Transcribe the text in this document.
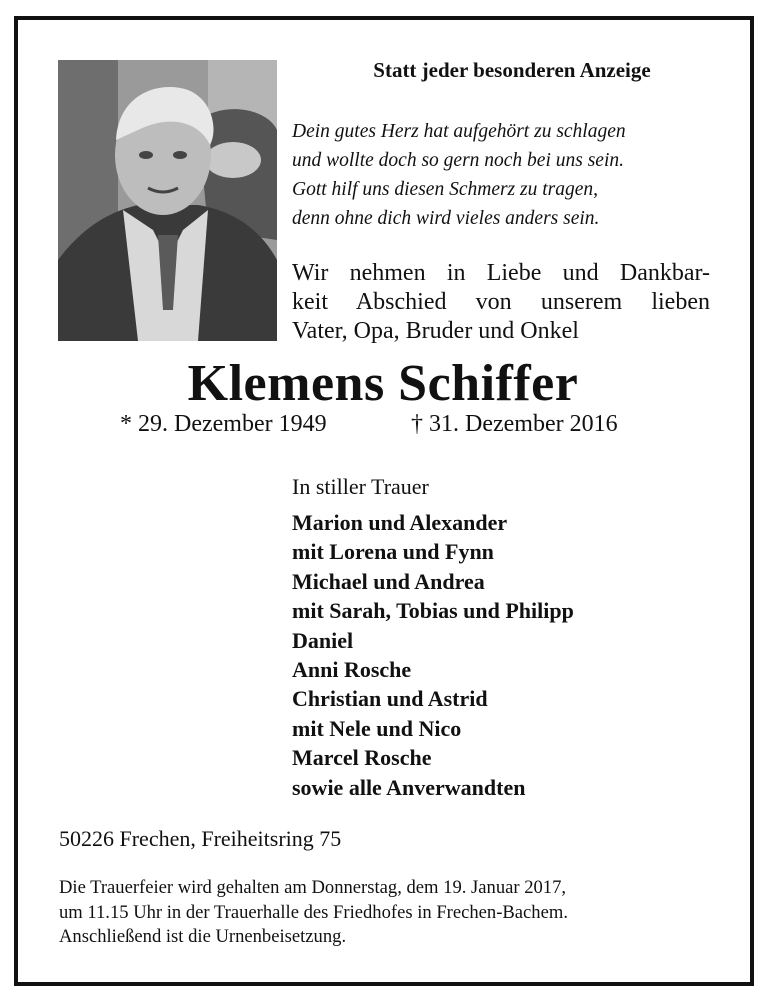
Statt jeder besonderen Anzeige
Dein gutes Herz hat aufgehört zu schlagen
und wollte doch so gern noch bei uns sein.
Gott hilf uns diesen Schmerz zu tragen,
denn ohne dich wird vieles anders sein.
Wir nehmen in Liebe und Dankbar-
keit Abschied von unserem lieben
Vater, Opa, Bruder und Onkel
Klemens Schiffer
* 29. Dezember 1949	† 31. Dezember 2016
In stiller Trauer
Marion und Alexander
mit Lorena und Fynn
Michael und Andrea
mit Sarah, Tobias und Philipp
Daniel
Anni Rosche
Christian und Astrid
mit Nele und Nico
Marcel Rosche
sowie alle Anverwandten
50226 Frechen, Freiheitsring 75
Die Trauerfeier wird gehalten am Donnerstag, dem 19. Januar 2017,
um 11.15 Uhr in der Trauerhalle des Friedhofes in Frechen-Bachem.
Anschließend ist die Urnenbeisetzung.
